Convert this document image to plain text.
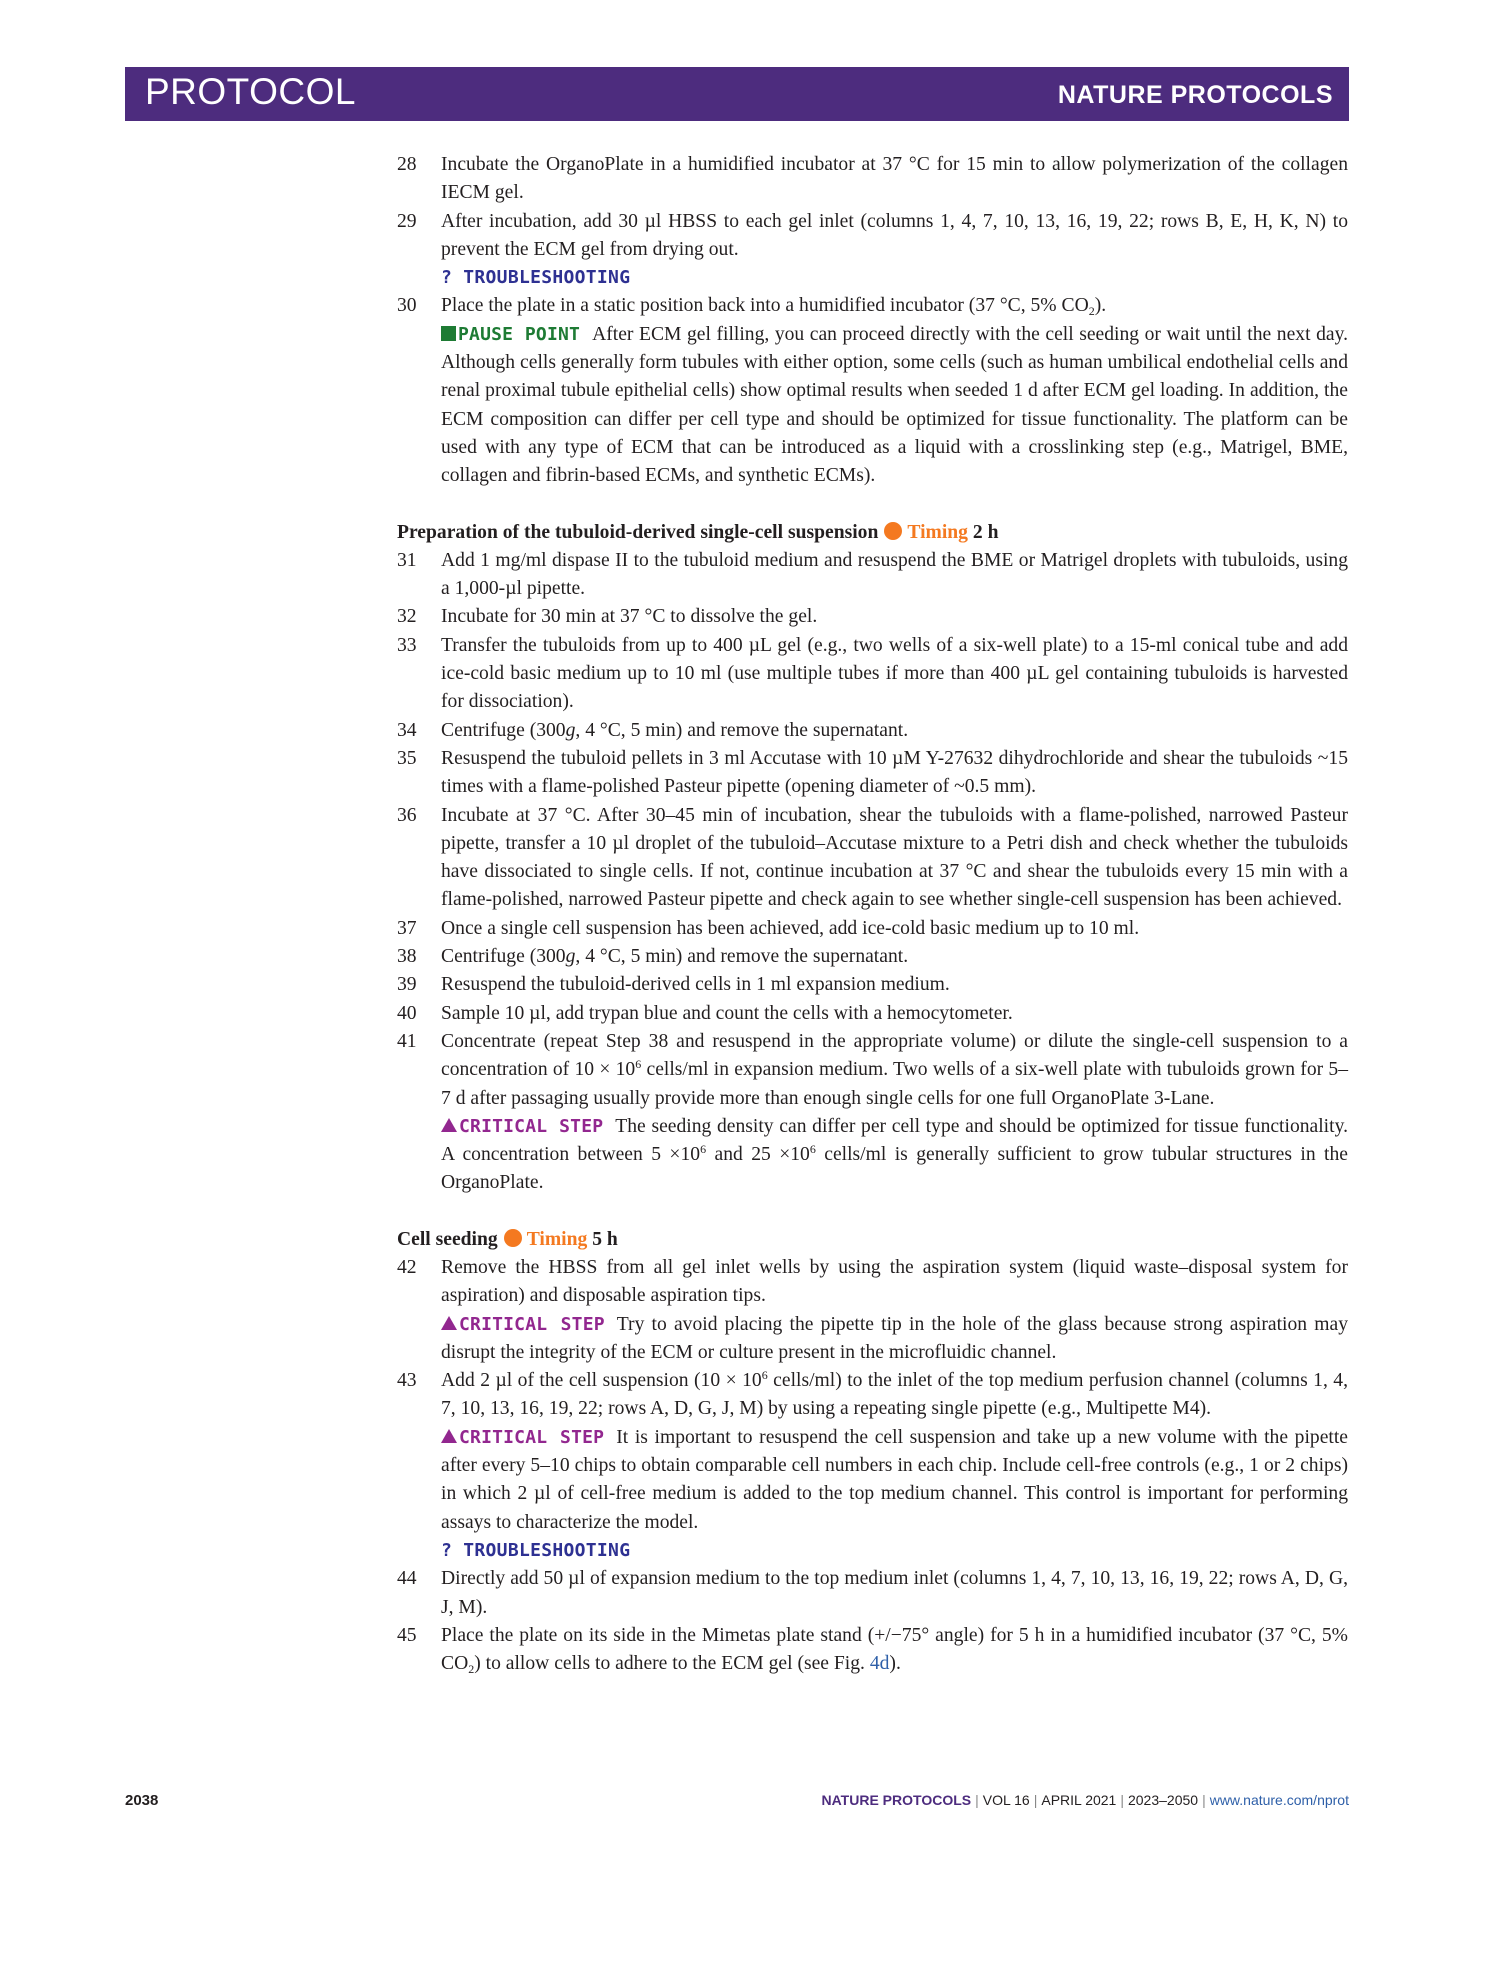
PROTOCOL	NATURE PROTOCOLS
28	Incubate the OrganoPlate in a humidified incubator at 37 °C for 15 min to allow polymerization of the collagen IECM gel.
29	After incubation, add 30 µl HBSS to each gel inlet (columns 1, 4, 7, 10, 13, 16, 19, 22; rows B, E, H, K, N) to prevent the ECM gel from drying out.
? TROUBLESHOOTING
30	Place the plate in a static position back into a humidified incubator (37 °C, 5% $CO_2$).
PAUSE POINT After ECM gel filling, you can proceed directly with the cell seeding or wait until the next day. Although cells generally form tubules with either option, some cells (such as human umbilical endothelial cells and renal proximal tubule epithelial cells) show optimal results when seeded 1 d after ECM gel loading. In addition, the ECM composition can differ per cell type and should be optimized for tissue functionality. The platform can be used with any type of ECM that can be introduced as a liquid with a crosslinking step (e.g., Matrigel, BME, collagen and fibrin-based ECMs, and synthetic ECMs).
Preparation of the tubuloid-derived single-cell suspension Timing 2 h
31	Add 1 mg/ml dispase II to the tubuloid medium and resuspend the BME or Matrigel droplets with tubuloids, using a 1,000-µl pipette.
32	Incubate for 30 min at 37 °C to dissolve the gel.
33	Transfer the tubuloids from up to 400 µL gel (e.g., two wells of a six-well plate) to a 15-ml conical tube and add ice-cold basic medium up to 10 ml (use multiple tubes if more than 400 µL gel containing tubuloids is harvested for dissociation).
34	Centrifuge (300g, 4 °C, 5 min) and remove the supernatant.
35	Resuspend the tubuloid pellets in 3 ml Accutase with 10 µM Y-27632 dihydrochloride and shear the tubuloids ~15 times with a flame-polished Pasteur pipette (opening diameter of ~0.5 mm).
36	Incubate at 37 °C. After 30–45 min of incubation, shear the tubuloids with a flame-polished, narrowed Pasteur pipette, transfer a 10 µl droplet of the tubuloid–Accutase mixture to a Petri dish and check whether the tubuloids have dissociated to single cells. If not, continue incubation at 37 °C and shear the tubuloids every 15 min with a flame-polished, narrowed Pasteur pipette and check again to see whether single-cell suspension has been achieved.
37	Once a single cell suspension has been achieved, add ice-cold basic medium up to 10 ml.
38	Centrifuge (300g, 4 °C, 5 min) and remove the supernatant.
39	Resuspend the tubuloid-derived cells in 1 ml expansion medium.
40	Sample 10 µl, add trypan blue and count the cells with a hemocytometer.
41	Concentrate (repeat Step 38 and resuspend in the appropriate volume) or dilute the single-cell suspension to a concentration of $10 \times 10^6$ cells/ml in expansion medium. Two wells of a six-well plate with tubuloids grown for 5–7 d after passaging usually provide more than enough single cells for one full OrganoPlate 3-Lane.
CRITICAL STEP The seeding density can differ per cell type and should be optimized for tissue functionality. A concentration between $5 \times 10^6$ and $25 \times 10^6$ cells/ml is generally sufficient to grow tubular structures in the OrganoPlate.
Cell seeding Timing 5 h
42	Remove the HBSS from all gel inlet wells by using the aspiration system (liquid waste–disposal system for aspiration) and disposable aspiration tips.
CRITICAL STEP Try to avoid placing the pipette tip in the hole of the glass because strong aspiration may disrupt the integrity of the ECM or culture present in the microfluidic channel.
43	Add 2 µl of the cell suspension ($10 \times 10^6$ cells/ml) to the inlet of the top medium perfusion channel (columns 1, 4, 7, 10, 13, 16, 19, 22; rows A, D, G, J, M) by using a repeating single pipette (e.g., Multipette M4).
CRITICAL STEP It is important to resuspend the cell suspension and take up a new volume with the pipette after every 5–10 chips to obtain comparable cell numbers in each chip. Include cell-free controls (e.g., 1 or 2 chips) in which 2 µl of cell-free medium is added to the top medium channel. This control is important for performing assays to characterize the model.
? TROUBLESHOOTING
44	Directly add 50 µl of expansion medium to the top medium inlet (columns 1, 4, 7, 10, 13, 16, 19, 22; rows A, D, G, J, M).
45	Place the plate on its side in the Mimetas plate stand (+/−75° angle) for 5 h in a humidified incubator (37 °C, 5% $CO_2$) to allow cells to adhere to the ECM gel (see Fig. 4d).
2038	NATURE PROTOCOLS | VOL 16 | APRIL 2021 | 2023–2050 | www.nature.com/nprot
